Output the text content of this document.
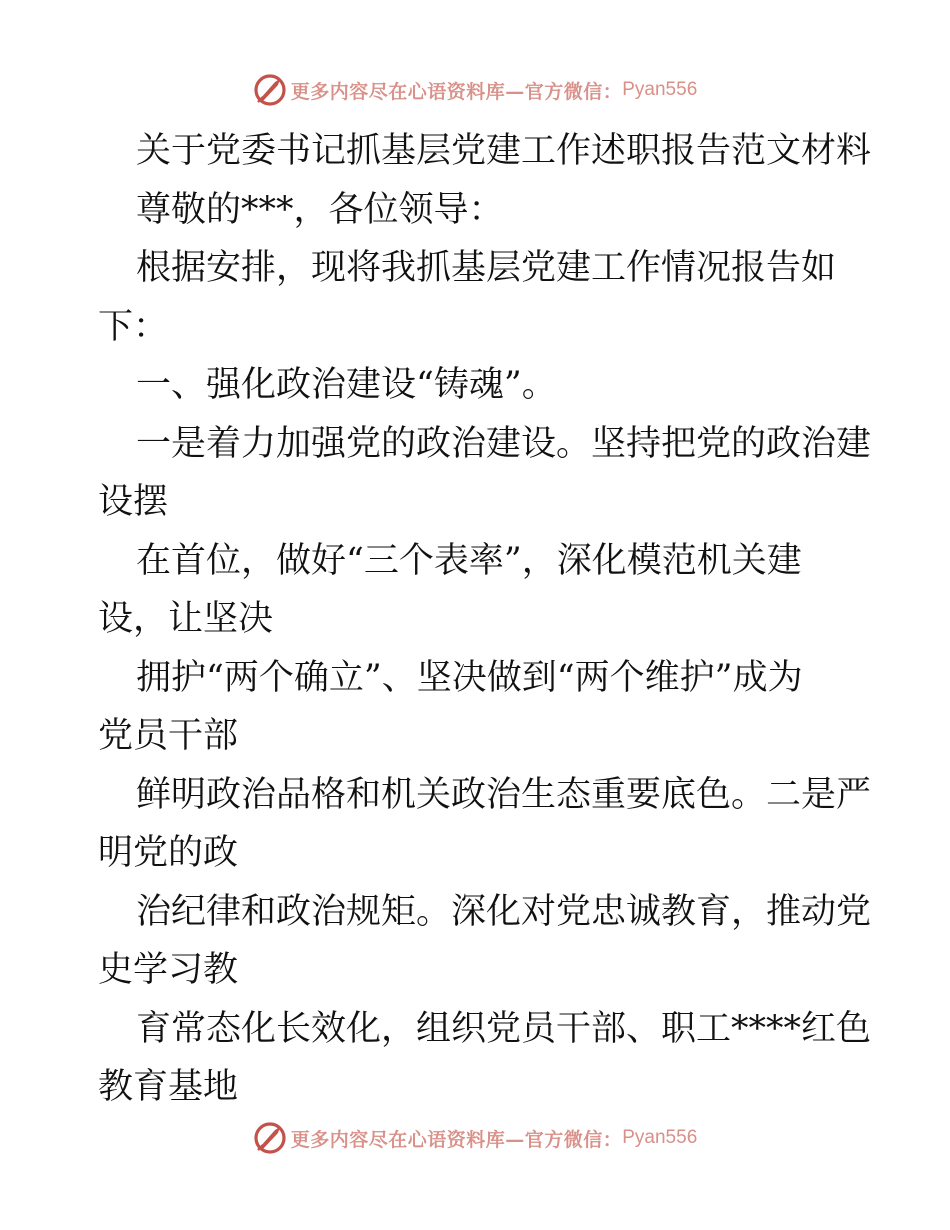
更多内容尽在心语资料库—官方微信： Pyan556

关于党委书记抓基层党建工作述职报告范文材料

尊敬的***，各位领导：

根据安排，现将我抓基层党建工作情况报告如

下：

一、强化政治建设“铸魂”。

一是着力加强党的政治建设。坚持把党的政治建

设摆

在首位，做好“三个表率”，深化模范机关建

设，让坚决

拥护“两个确立”、坚决做到“两个维护”成为

党员干部

鲜明政治品格和机关政治生态重要底色。二是严

明党的政

治纪律和政治规矩。深化对党忠诚教育，推动党

史学习教

育常态化长效化，组织党员干部、职工****红色

教育基地

更多内容尽在心语资料库—官方微信： Pyan556
